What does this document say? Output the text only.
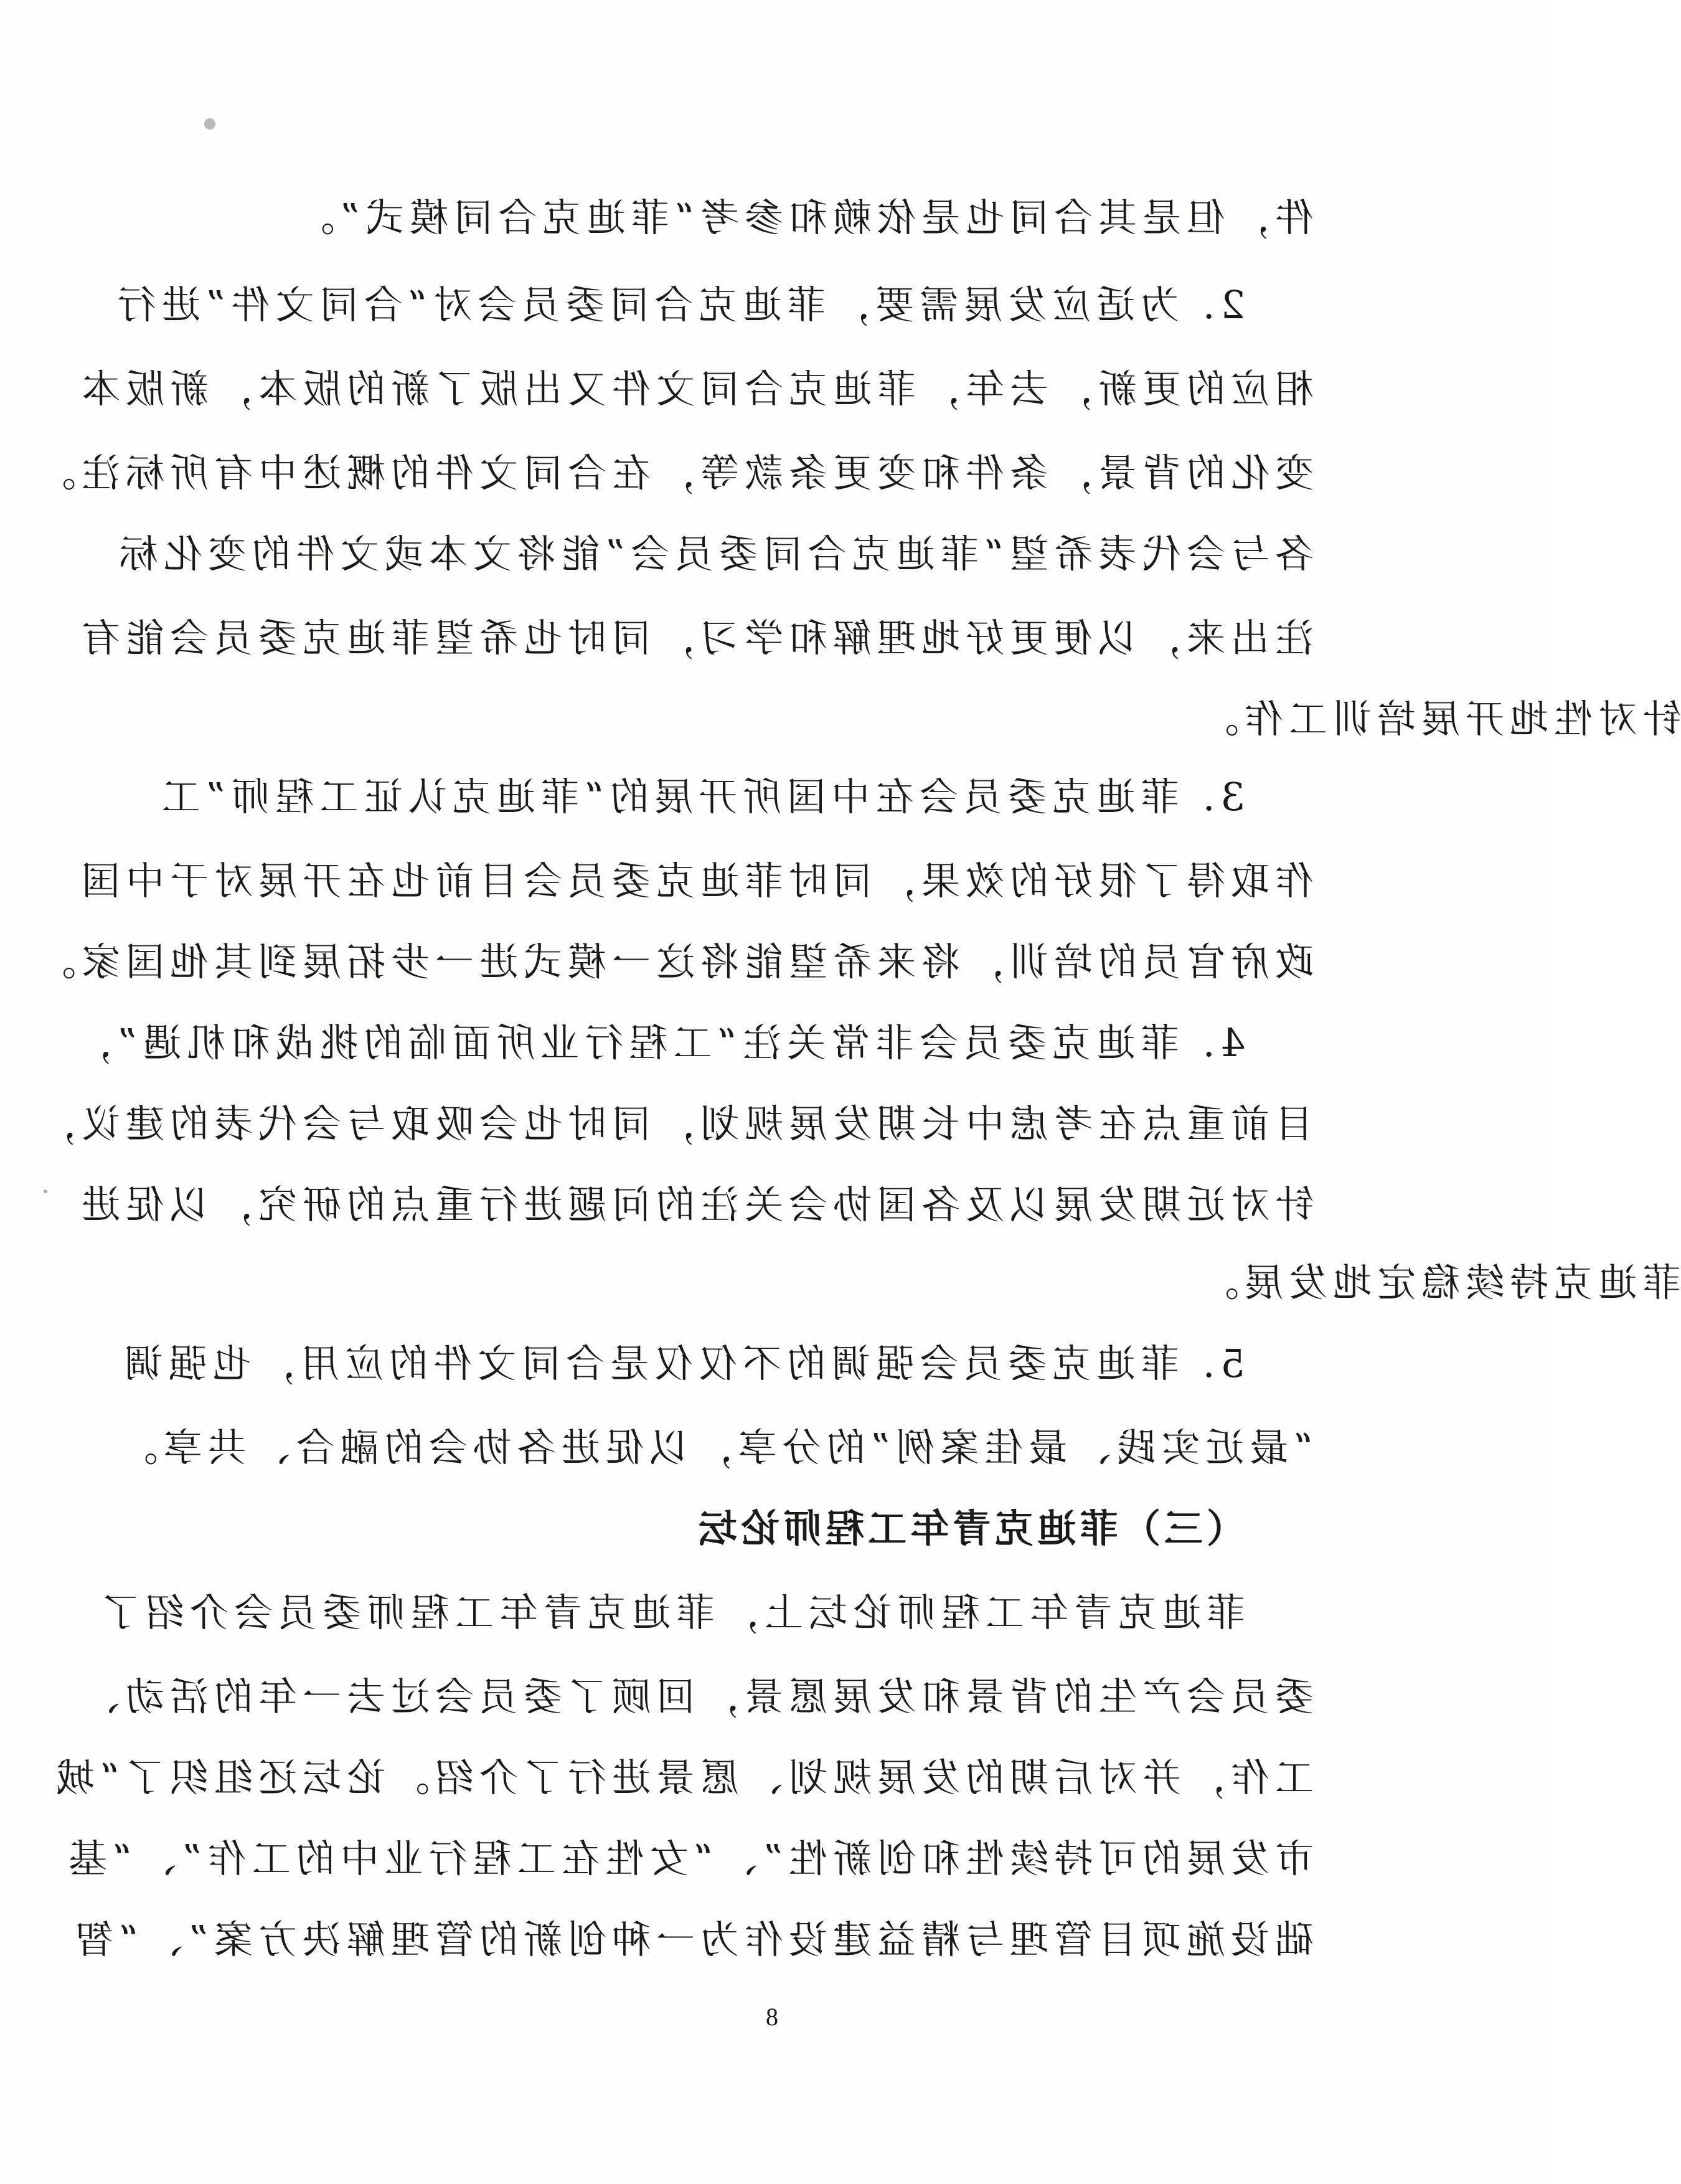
件，但是其合同也是依赖和参考“菲迪克合同模式”。
2. 为适应发展需要，菲迪克合同委员会对“合同文件”进行
相应的更新，去年，菲迪克合同文件又出版了新的版本，新版本
变化的背景，条件和变更条款等，在合同文件的概述中有所标注。
各与会代表希望“菲迪克合同委员会”能将文本或文件的变化标
注出来，以便更好地理解和学习，同时也希望菲迪克委员会能有
针对性地开展培训工作。
3. 菲迪克委员会在中国所开展的“菲迪克认证工程师”工
作取得了很好的效果，同时菲迪克委员会目前也在开展对于中国
政府官员的培训，将来希望能将这一模式进一步拓展到其他国家。
4. 菲迪克委员会非常关注“工程行业所面临的挑战和机遇”，
目前重点在考虑中长期发展规划，同时也会吸取与会代表的建议，
针对近期发展以及各国协会关注的问题进行重点的研究，以促进
菲迪克持续稳定地发展。
5. 菲迪克委员会强调的不仅仅是合同文件的应用，也强调
“最近实践、最佳案例”的分享，以促进各协会的融合、共享。
（三）菲迪克青年工程师论坛
菲迪克青年工程师论坛上，菲迪克青年工程师委员会介绍了
委员会产生的背景和发展愿景，回顾了委员会过去一年的活动、
工作，并对后期的发展规划、愿景进行了介绍。论坛还组织了“城
市发展的可持续性和创新性”、“女性在工程行业中的工作”、“基
础设施项目管理与精益建设作为一种创新的管理解决方案”、“智
8
